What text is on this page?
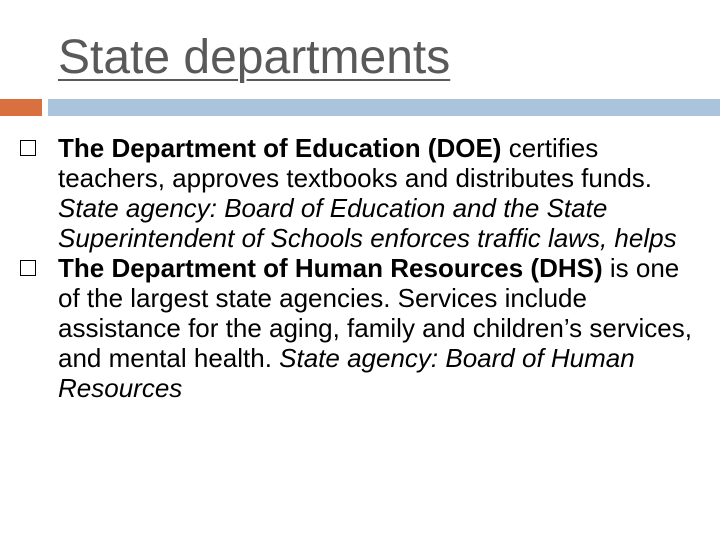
State departments
The Department of Education (DOE) certifies teachers, approves textbooks and distributes funds. State agency: Board of Education and the State Superintendent of Schools enforces traffic laws, helps
The Department of Human Resources (DHS) is one of the largest state agencies. Services include assistance for the aging, family and children’s services, and mental health. State agency: Board of Human Resources
